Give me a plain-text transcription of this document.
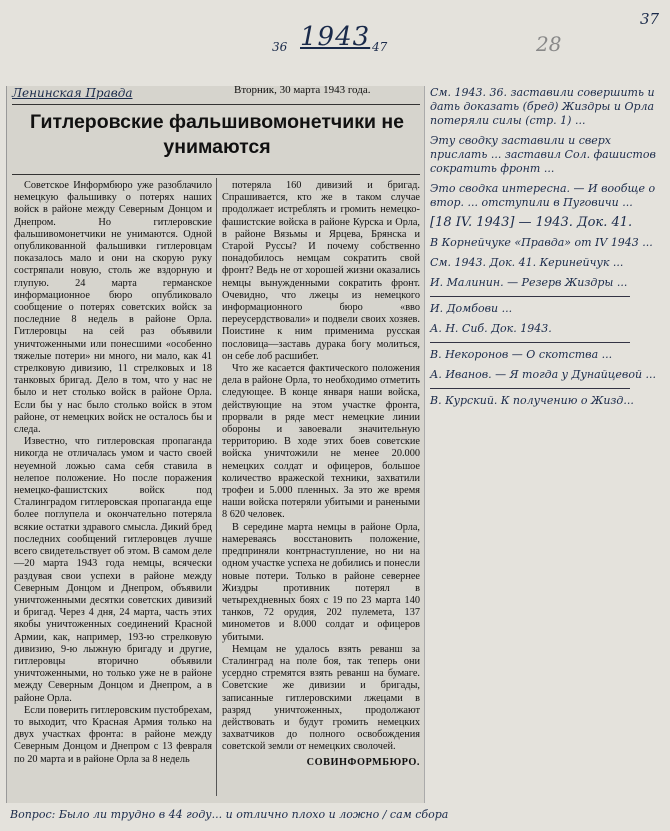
37
1943
36	47	28
Ленинская Правда	Вторник, 30 марта 1943 года.
Гитлеровские фальшивомонетчики не унимаются

Советское Информбюро уже разоблачило немецкую фальшивку о потерях наших войск в районе между Северным Донцом и Днепром. Но гитлеровские фальшивомонетчики не унимаются. Одной опубликованной фальшивки гитлеровцам показалось мало и они на скорую руку состряпали новую, столь же вздорную и глупую. 24 марта германское информационное бюро опубликовало сообщение о потерях советских войск за последние 8 недель в районе Орла. Гитлеровцы на сей раз объявили уничтоженными или понесшими «особенно тяжелые потери» ни много, ни мало, как 41 стрелковую дивизию, 11 стрелковых и 18 танковых бригад. Дело в том, что у нас не было и нет столько войск в районе Орла. Если бы у нас было столько войск в этом районе, от немецких войск не осталось бы и следа.

Известно, что гитлеровская пропаганда никогда не отличалась умом и часто своей неуемной ложью сама себя ставила в нелепое положение. Но после поражения немецко-фашистских войск под Сталинградом гитлеровская пропаганда еще более поглупела и окончательно потеряла всякие остатки здравого смысла. Дикий бред последних сообщений гитлеровцев лучше всего свидетельствует об этом. В самом деле—20 марта 1943 года немцы, всячески раздувая свои успехи в районе между Северным Донцом и Днепром, объявили уничтоженными десятки советских дивизий и бригад. Через 4 дня, 24 марта, часть этих якобы уничтоженных соединений Красной Армии, как, например, 193-ю стрелковую дивизию, 9-ю лыжную бригаду и другие, гитлеровцы вторично объявили уничтоженными, но только уже не в районе между Северным Донцом и Днепром, а в районе Орла.

Если поверить гитлеровским пустобрехам, то выходит, что Красная Армия только на двух участках фронта: в районе между Северным Донцом и Днепром с 13 февраля по 20 марта и в районе Орла за 8 недель

потеряла 160 дивизий и бригад. Спрашивается, кто же в таком случае продолжает истреблять и громить немецко-фашистские войска в районе Курска и Орла, в районе Вязьмы и Ярцева, Брянска и Старой Руссы? И почему собственно понадобилось немцам сократить свой фронт? Ведь не от хорошей жизни оказались немцы вынужденными сократить фронт. Очевидно, что лжецы из немецкого информационного бюро «вво переусердствовали» и подвели своих хозяев. Поистине к ним применима русская пословица—заставь дурака богу молиться, он себе лоб расшибет.

Что же касается фактического положения дела в районе Орла, то необходимо отметить следующее. В конце января наши войска, действующие на этом участке фронта, прорвали в ряде мест немецкие линии обороны и завоевали значительную территорию. В ходе этих боев советские войска уничтожили не менее 20.000 немецких солдат и офицеров, большое количество вражеской техники, захватили трофеи и 5.000 пленных. За это же время наши войска потеряли убитыми и ранеными 8 620 человек.

В середине марта немцы в районе Орла, намереваясь восстановить положение, предприняли контрнаступление, но ни на одном участке успеха не добились и понесли новые потери. Только в районе севернее Жиздры противник потерял в четырехдневных боях с 19 по 23 марта 140 танков, 72 орудия, 202 пулемета, 137 минометов и 8.000 солдат и офицеров убитыми.

Немцам не удалось взять реванш за Сталинград на поле боя, так теперь они усердно стремятся взять реванш на бумаге. Советские же дивизии и бригады, записанные гитлеровскими лжецами в разряд уничтоженных, продолжают действовать и будут громить немецких захватчиков до полного освобождения советской земли от немецких сволочей.

СОВИНФОРМБЮРО.

См. 1943. 36. заставили совершить и дать доказать (бред) Жиздры и Орла потеряли силы (стр. 1) ...
Эту сводку заставили и сверх прислать ... заставил Сол. фашистов сократить фронт ...
Это сводка интересна. — И вообще о втор. ... отступили в Пуговичи ...
[18 IV. 1943] — 1943. Док. 41.
В Корнейчуке «Правда» от IV 1943 ...
См. 1943. Док. 41. Керинейчук ...
И. Малинин. — Резерв Жиздры ...
И. Домбови ...
А. Н. Сиб. Док. 1943.
В. Некоронов — О скотства ...
А. Иванов. — Я тогда у Дунайцевой ...
В. Курский. К получению о Жизд...
Вопрос: Было ли трудно в 44 году... и отлично плохо и ложно / сам сбора
